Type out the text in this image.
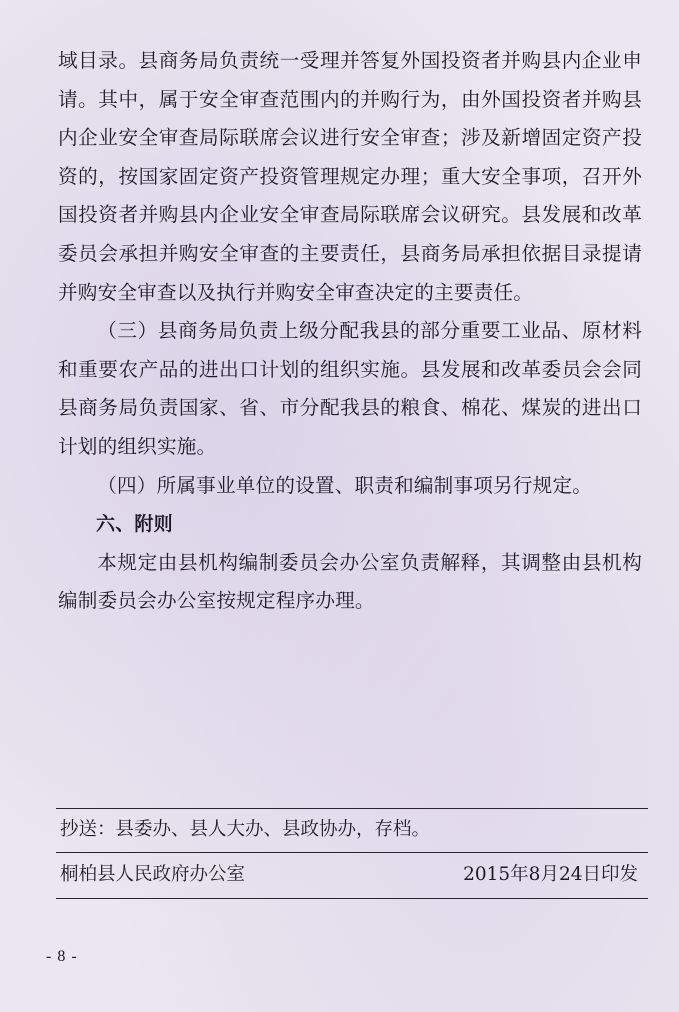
域目录。县商务局负责统一受理并答复外国投资者并购县内企业申请。其中，属于安全审查范围内的并购行为，由外国投资者并购县内企业安全审查局际联席会议进行安全审查；涉及新增固定资产投资的，按国家固定资产投资管理规定办理；重大安全事项，召开外国投资者并购县内企业安全审查局际联席会议研究。县发展和改革委员会承担并购安全审查的主要责任，县商务局承担依据目录提请并购安全审查以及执行并购安全审查决定的主要责任。

（三）县商务局负责上级分配我县的部分重要工业品、原材料和重要农产品的进出口计划的组织实施。县发展和改革委员会会同县商务局负责国家、省、市分配我县的粮食、棉花、煤炭的进出口计划的组织实施。

（四）所属事业单位的设置、职责和编制事项另行规定。

六、附则

本规定由县机构编制委员会办公室负责解释，其调整由县机构编制委员会办公室按规定程序办理。

抄送：县委办、县人大办、县政协办，存档。
桐柏县人民政府办公室	2015年8月24日印发
- 8 -
